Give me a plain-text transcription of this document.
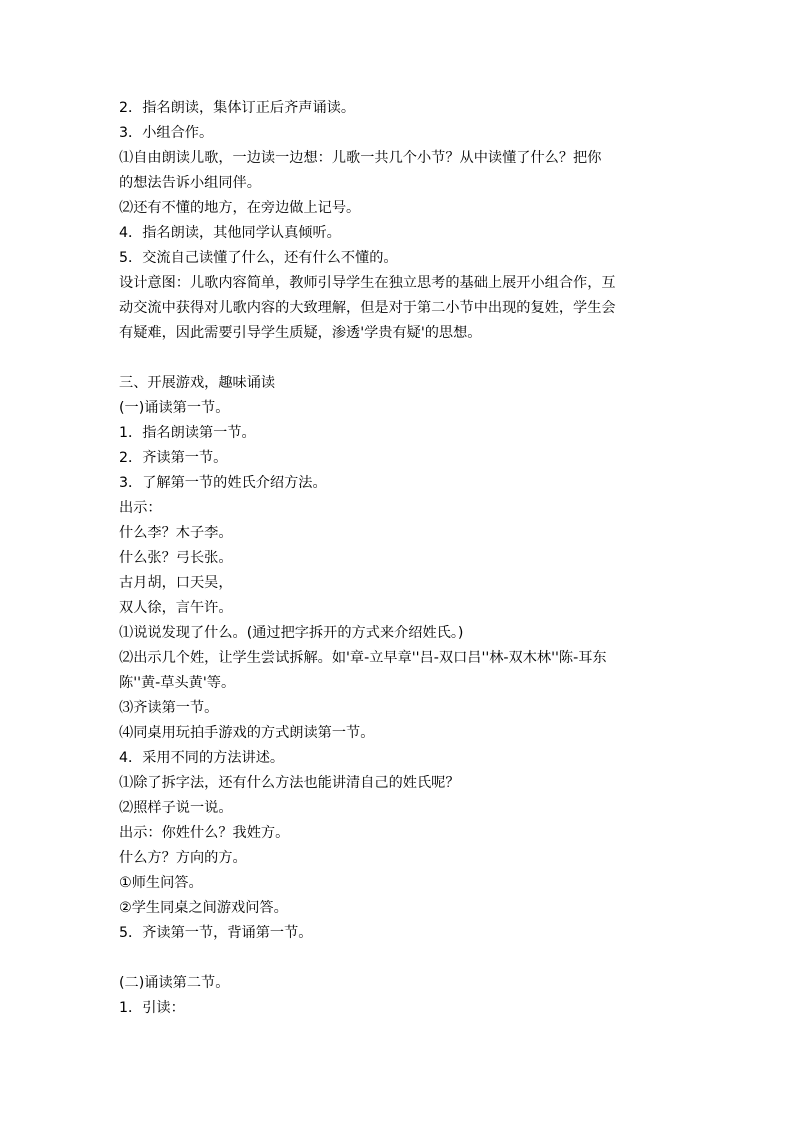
2．指名朗读，集体订正后齐声诵读。
3．小组合作。
⑴自由朗读儿歌，一边读一边想：儿歌一共几个小节？从中读懂了什么？把你
的想法告诉小组同伴。
⑵还有不懂的地方，在旁边做上记号。
4．指名朗读，其他同学认真倾听。
5．交流自己读懂了什么，还有什么不懂的。
设计意图：儿歌内容简单，教师引导学生在独立思考的基础上展开小组合作，互
动交流中获得对儿歌内容的大致理解，但是对于第二小节中出现的复姓，学生会
有疑难，因此需要引导学生质疑，渗透'学贵有疑'的思想。
三、开展游戏，趣味诵读
(一)诵读第一节。
1．指名朗读第一节。
2．齐读第一节。
3．了解第一节的姓氏介绍方法。
出示：
什么李？木子李。
什么张？弓长张。
古月胡，口天吴，
双人徐，言午许。
⑴说说发现了什么。(通过把字拆开的方式来介绍姓氏。)
⑵出示几个姓，让学生尝试拆解。如'章-立早章''吕-双口吕''林-双木林''陈-耳东
陈''黄-草头黄'等。
⑶齐读第一节。
⑷同桌用玩拍手游戏的方式朗读第一节。
4．采用不同的方法讲述。
⑴除了拆字法，还有什么方法也能讲清自己的姓氏呢？
⑵照样子说一说。
出示：你姓什么？我姓方。
什么方？方向的方。
①师生问答。
②学生同桌之间游戏问答。
5．齐读第一节，背诵第一节。
(二)诵读第二节。
1．引读：
